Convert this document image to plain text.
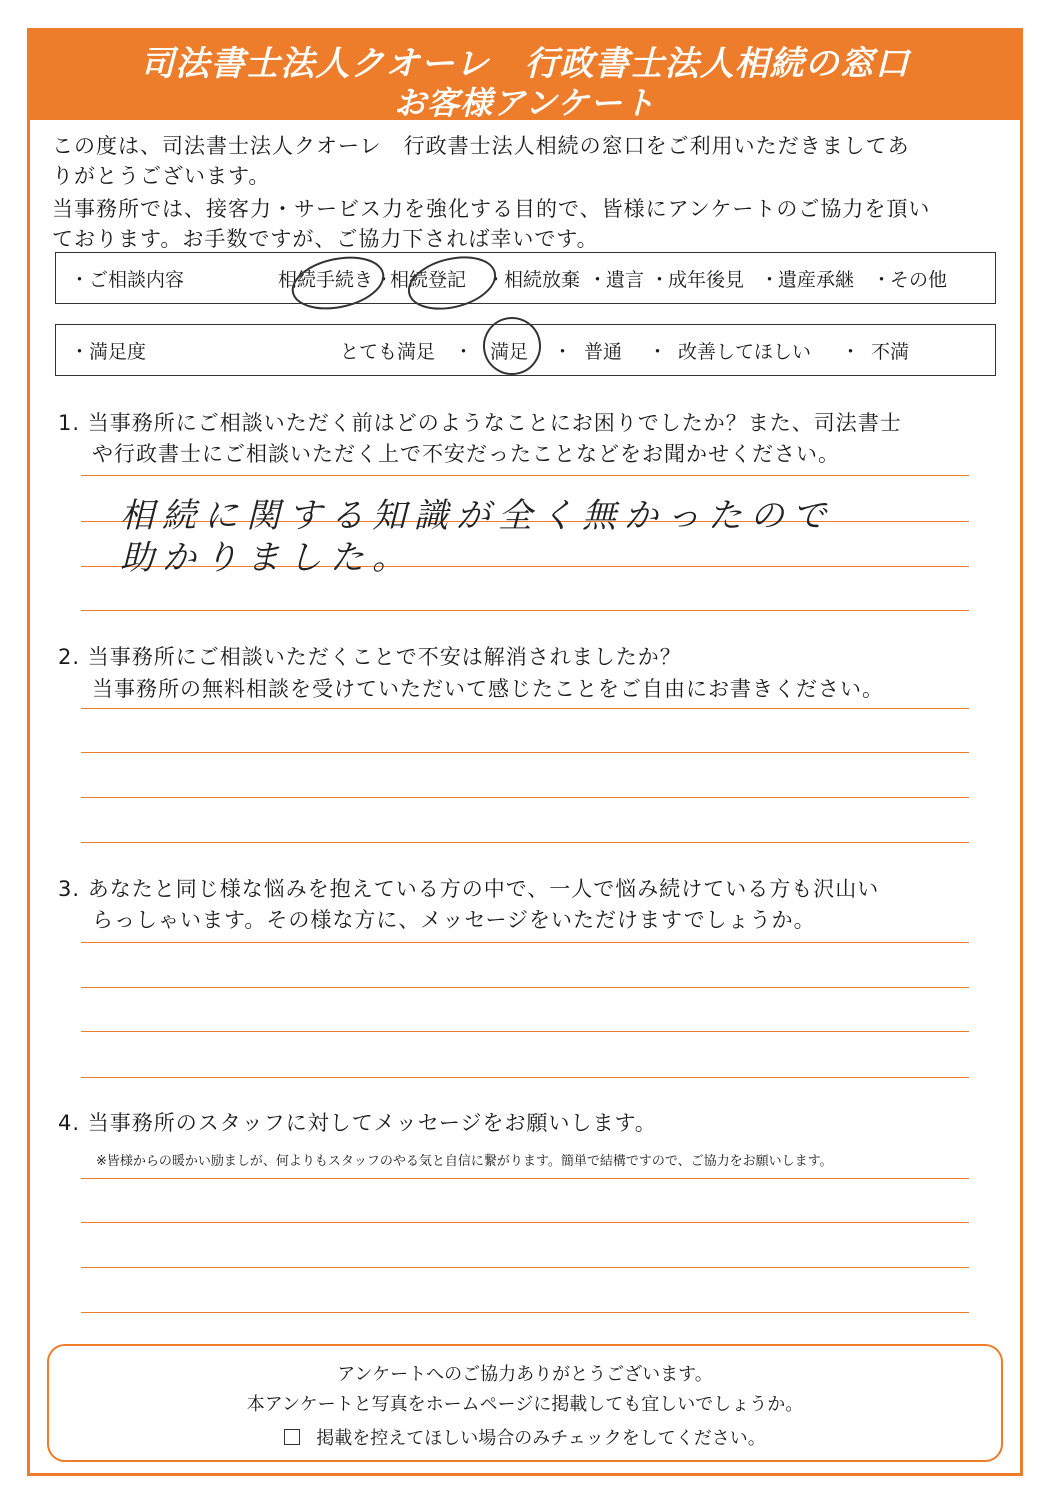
司法書士法人クオーレ　行政書士法人相続の窓口
お客様アンケート
この度は、司法書士法人クオーレ　行政書士法人相続の窓口をご利用いただきましてあ
りがとうございます。
当事務所では、接客力・サービス力を強化する目的で、皆様にアンケートのご協力を頂い
ております。お手数ですが、ご協力下されば幸いです。
・ご相談内容	相続手続き ・
相続登記 ・
相続放棄 ・
遺言 ・
成年後見 ・
遺産承継 ・
その他
・満足度	とても満足 ・ 満足 ・ 普通 ・ 改善してほしい ・ 不満
1. 当事務所にご相談いただく前はどのようなことにお困りでしたか？また、司法書士
や行政書士にご相談いただく上で不安だったことなどをお聞かせください。
相続に関する知識が全く無かったので
助かりました。
2. 当事務所にご相談いただくことで不安は解消されましたか？
当事務所の無料相談を受けていただいて感じたことをご自由にお書きください。
3. あなたと同じ様な悩みを抱えている方の中で、一人で悩み続けている方も沢山い
らっしゃいます。その様な方に、メッセージをいただけますでしょうか。
4. 当事務所のスタッフに対してメッセージをお願いします。
※皆様からの暖かい励ましが、何よりもスタッフのやる気と自信に繋がります。簡単で結構ですので、ご協力をお願いします。
アンケートへのご協力ありがとうございます。
本アンケートと写真をホームページに掲載しても宜しいでしょうか。
掲載を控えてほしい場合のみチェックをしてください。
